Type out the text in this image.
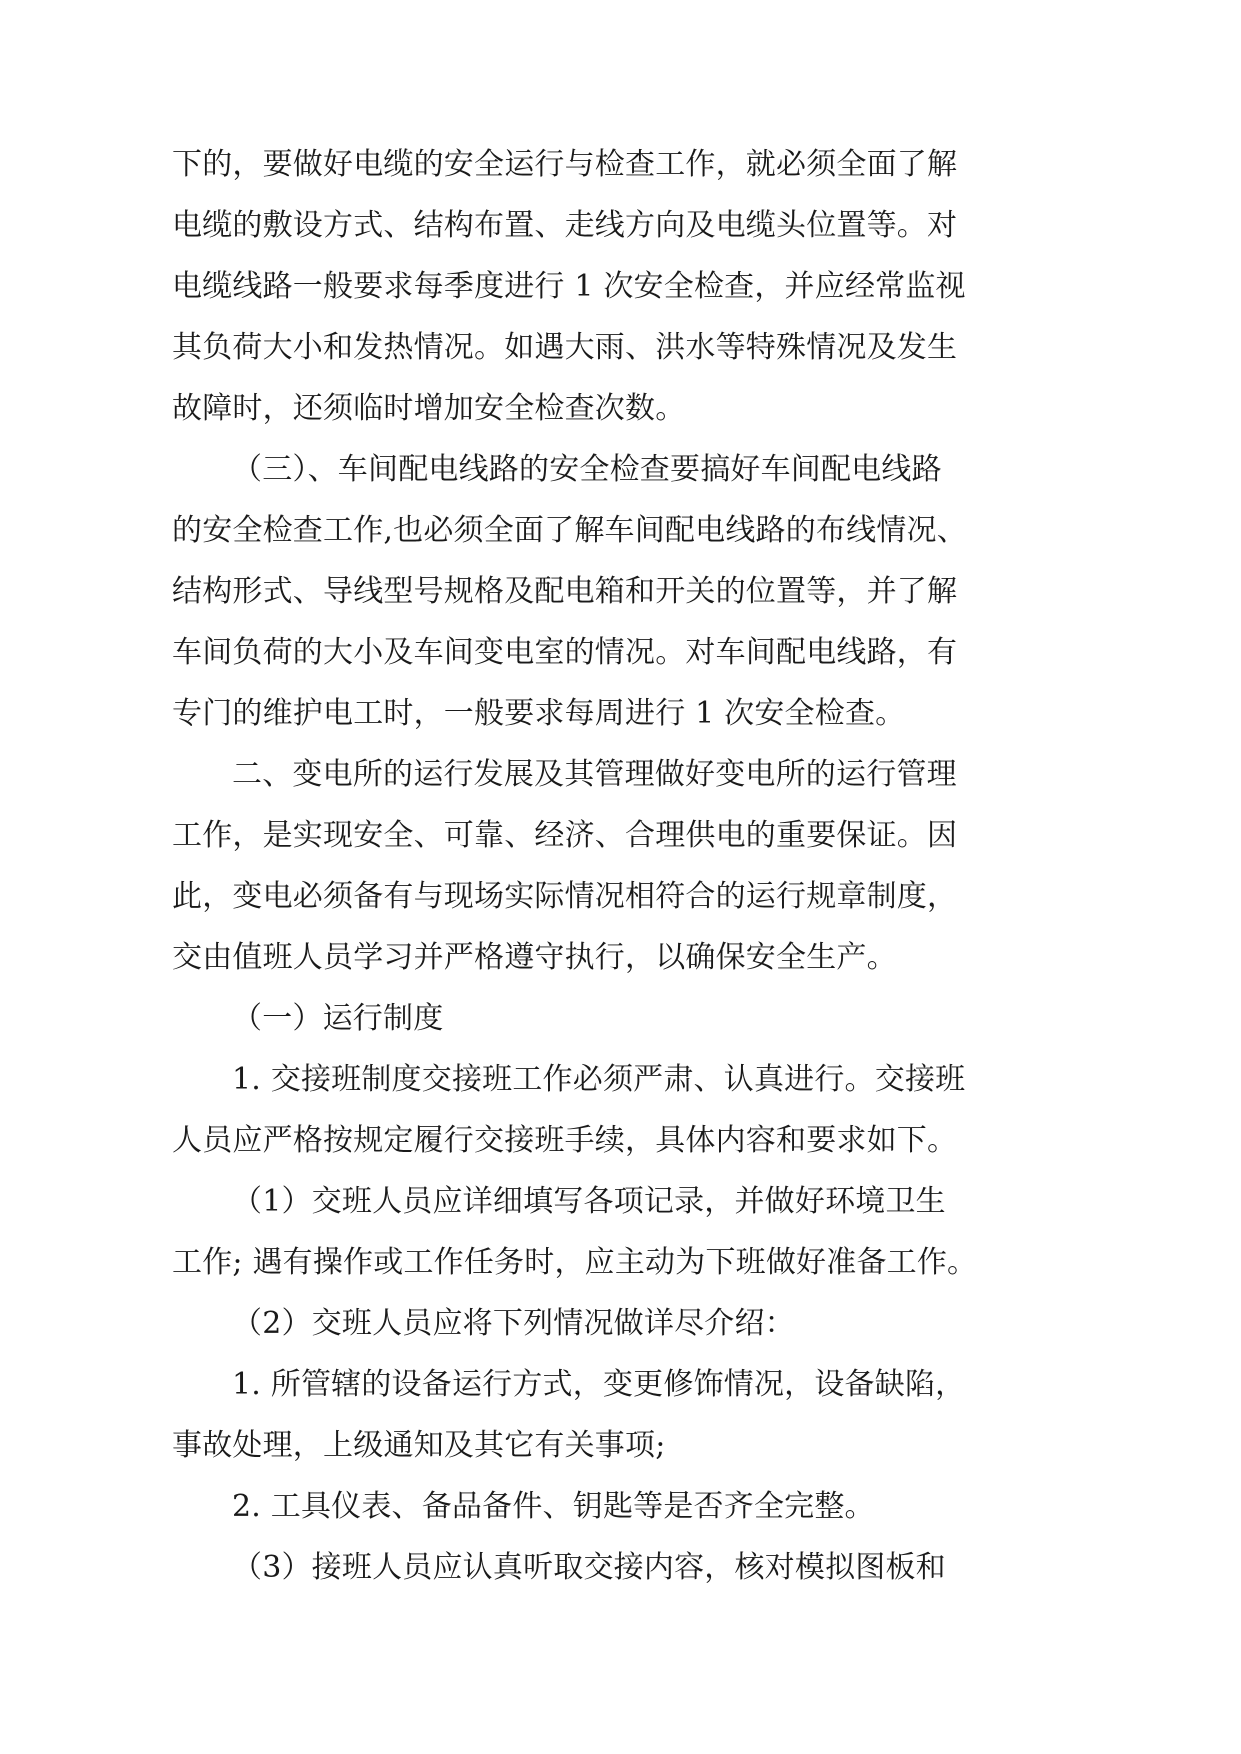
下的，要做好电缆的安全运行与检查工作，就必须全面了解

电缆的敷设方式、结构布置、走线方向及电缆头位置等。对

电缆线路一般要求每季度进行 1 次安全检查，并应经常监视

其负荷大小和发热情况。如遇大雨、洪水等特殊情况及发生

故障时，还须临时增加安全检查次数。

（三）、车间配电线路的安全检查要搞好车间配电线路

的安全检查工作,也必须全面了解车间配电线路的布线情况、

结构形式、导线型号规格及配电箱和开关的位置等，并了解

车间负荷的大小及车间变电室的情况。对车间配电线路，有

专门的维护电工时，一般要求每周进行 1 次安全检查。

二、变电所的运行发展及其管理做好变电所的运行管理

工作，是实现安全、可靠、经济、合理供电的重要保证。因

此，变电必须备有与现场实际情况相符合的运行规章制度，

交由值班人员学习并严格遵守执行，以确保安全生产。

（一）运行制度

1. 交接班制度交接班工作必须严肃、认真进行。交接班

人员应严格按规定履行交接班手续，具体内容和要求如下。

（1）交班人员应详细填写各项记录，并做好环境卫生

工作; 遇有操作或工作任务时，应主动为下班做好准备工作。

（2）交班人员应将下列情况做详尽介绍：

1. 所管辖的设备运行方式，变更修饰情况，设备缺陷，

事故处理，上级通知及其它有关事项;

2. 工具仪表、备品备件、钥匙等是否齐全完整。

（3）接班人员应认真听取交接内容，核对模拟图板和
